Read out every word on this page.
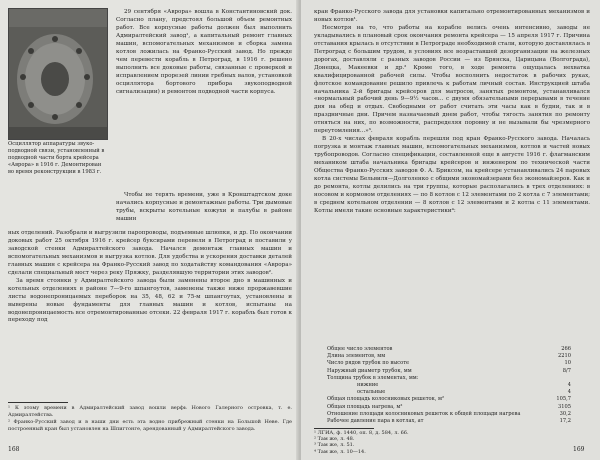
Осциллятор аппаратуры звукоподводной связи, установленный в подводной части борта крейсера «Аврора» в 1916 г. Демонтирован во время реконструкции в 1983 г.

29 сентября «Аврора» вошла в Константиновский док. Согласно плану, предстоял большой объем ремонтных работ. Все корпусные работы должен был выполнить Адмиралтейский завод¹, а капитальный ремонт главных машин, вспомогательных механизмов и сборка замена котлов ложилась на Франко-Русский завод. Но прежде чем перевести корабль в Петроград, в 1916 г. решено выполнить все доковые работы, связанные с проверкой и исправлением прорезей линии гребных валов, установкой осциллятора бортового прибора звукоподводной сигнализации) и ремонтом подводной части корпуса.

Чтобы не терять времени, уже в Кронштадтском доке начались корпусные и демонтажные работы. Три дымовые трубы, вскрыты котельные кожухи и палубы в районе машин

ных отделений. Разобрали и выгрузили паропроводы, подъемные шлюпки, и др. По окончании доковых работ 25 октября 1916 г. крейсер буксирами перевели в Петроград и поставили у заводской стенки Адмиралтейского завода. Начался демонтаж главных машин и вспомогательных механизмов и выгрузка котлов. Для удобства и ускорения доставки деталей главных машин с крейсера на Франко-Русский завод по ходатайству командования «Аврора» сделали специальный мост через реку Пряжку, разделявшую территории этих заводов².

За время стоянки у Адмиралтейского завода были заменены второе дно в машинных и котельных отделениях в районе 7—9-го шпангоутов, заменены также ниже проржавевшие листы водонепроницаемых переборок на 35, 48, 62 и 75-м шпангоутах, установлены и выверены новые фундаменты для главных машин и котлов, испытаны на водонепроницаемость все отремонтированные отсеки. 22 февраля 1917 г. корабль был готов к переходу под

¹ К этому времени в Адмиралтейский завод вошли верфь Нового Галерного островка, т. е. Адмиралтейства.

² Франко-Русский завод и в наши дни есть эта водно прибрежный стенки на Большой Неве. Где построенный кран был установлен на Шпигтонге, арендованный у Адмиралтейского завода.

168

кран Франко-Русского завода для установки капитально отремонтированных механизмов и новых котлов¹.

Несмотря на то, что работы на корабле велись очень интенсивно, заводы не укладывались в плановый срок окончания ремонта крейсера — 15 апреля 1917 г. Причина отставания крылась в отсутствии в Петрограде необходимой стали, которую доставлялась в Петроград с большим трудом, в условиях все возраставшей дезорганизации на железных дорогах, доставляли с разных заводов России — из Брянска, Царицына (Волгограда), Донецка, Макеевки и др.² Кроме того, в ходе ремонта ощущалась нехватка квалифицированной рабочей силы. Чтобы восполнить недостаток в рабочих руках, флотское командование решило привлечь к работам личный состав. Инструкцией штаба начальника 2-й бригады крейсеров для матросов, занятых ремонтом, устанавливался «нормальный рабочий день 9—9½ часов... с двумя обязательными перерывами в течение дня на обед и отдых. Свободными от работ считать эти часы как в будни, так и в праздничные дни. Причем назначаемый днем работ, чтобы тягость занятия по ремонту отняться на них, по возможности, распределяя поровну и не вызывали бы чрезмерного переутомления...»³.

В 20-х числах февраля корабль перешли под кран Франко-Русского завода. Началась погрузка и монтаж главных машин, вспомогательных механизмов, котлов и частей новых трубопроводов. Согласно спецификации, составленной еще в августе 1916 г. флагманским механиком штаба начальника бригады крейсеров и инженером по технической части Общества Франко-Русских заводов Ф. А. Бриксом, на крейсере устанавливались 24 паровых котла системы Бельвиля—Долголенко с общими экономайзерами без экономайзеров. Как и до ремонта, котлы делились на три группы, которые располагались в трех отделениях: в носовом и кормовом отделениях — по 8 котлов с 12 элементами по 2 котла с 7 элементами; в среднем котельном отделении — 8 котлов с 12 элементами и 2 котла с 11 элементами. Котлы имели такие основные характеристики⁴:

Общее число элементов	266
Длина элементов, мм	2210
Число рядов трубок по высоте	10
Наружный диаметр трубок, мм	8/7
Толщина трубок в элементах, мм:
нижние	4
остальные	4
Общая площадь колосниковых решеток, м²	105,7
Общая площадь нагрева, м²	3105
Отношение площади колосниковых решеток к общей площади нагрева	30,2
Рабочее давление пара в котлах, ат	17,2

¹ ЛГИА, ф. 1440, оп. 8, д. 584, л. 66.

² Там же, л. 48.

³ Там же, л. 51.

⁴ Там же, л. 10—14.	169
